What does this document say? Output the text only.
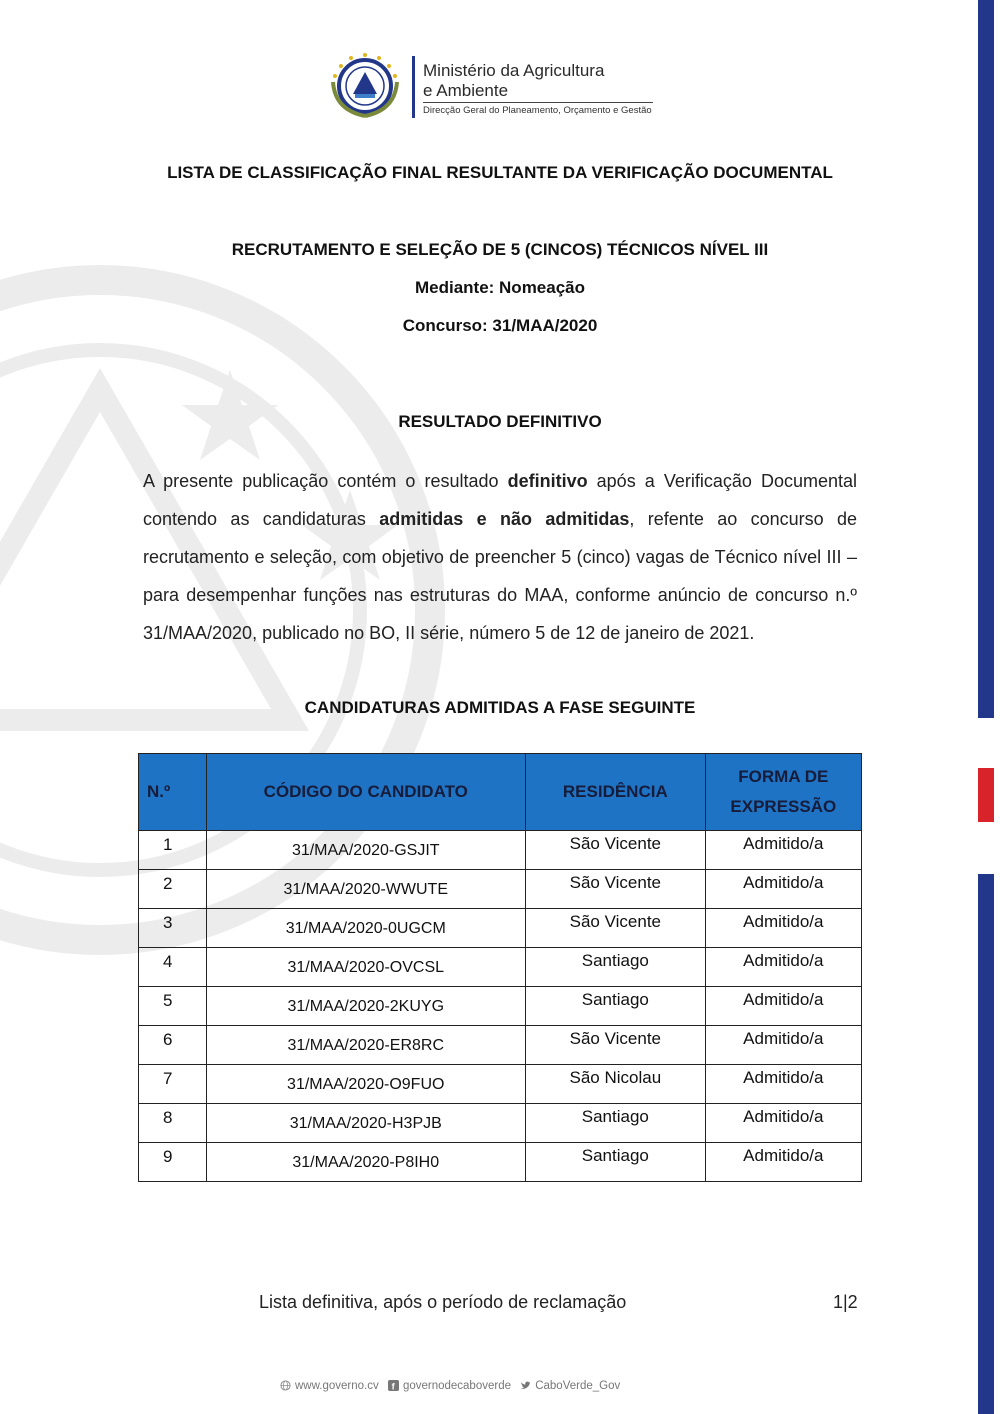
Ministério da Agricultura
e Ambiente
Direcção Geral do Planeamento, Orçamento e Gestão
LISTA DE CLASSIFICAÇÃO FINAL RESULTANTE DA VERIFICAÇÃO DOCUMENTAL
RECRUTAMENTO E SELEÇÃO DE 5 (CINCOS) TÉCNICOS NÍVEL III
Mediante: Nomeação
Concurso: 31/MAA/2020
RESULTADO DEFINITIVO
A presente publicação contém o resultado definitivo após a Verificação Documental contendo as candidaturas admitidas e não admitidas, refente ao concurso de recrutamento e seleção, com objetivo de preencher 5 (cinco) vagas de Técnico nível III – para desempenhar funções nas estruturas do MAA, conforme anúncio de concurso n.º 31/MAA/2020, publicado no BO, II série, número 5 de 12 de janeiro de 2021.
CANDIDATURAS ADMITIDAS A FASE SEGUINTE
N.º	CÓDIGO DO CANDIDATO	RESIDÊNCIA	FORMA DE EXPRESSÃO

1	31/MAA/2020-GSJIT	São Vicente	Admitido/a

2	31/MAA/2020-WWUTE	São Vicente	Admitido/a

3	31/MAA/2020-0UGCM	São Vicente	Admitido/a

4	31/MAA/2020-OVCSL	Santiago	Admitido/a

5	31/MAA/2020-2KUYG	Santiago	Admitido/a

6	31/MAA/2020-ER8RC	São Vicente	Admitido/a

7	31/MAA/2020-O9FUO	São Nicolau	Admitido/a

8	31/MAA/2020-H3PJB	Santiago	Admitido/a

9	31/MAA/2020-P8IH0	Santiago	Admitido/a
Lista definitiva, após o período de reclamação	1|2
www.governo.cv f governodecaboverde CaboVerde_Gov
